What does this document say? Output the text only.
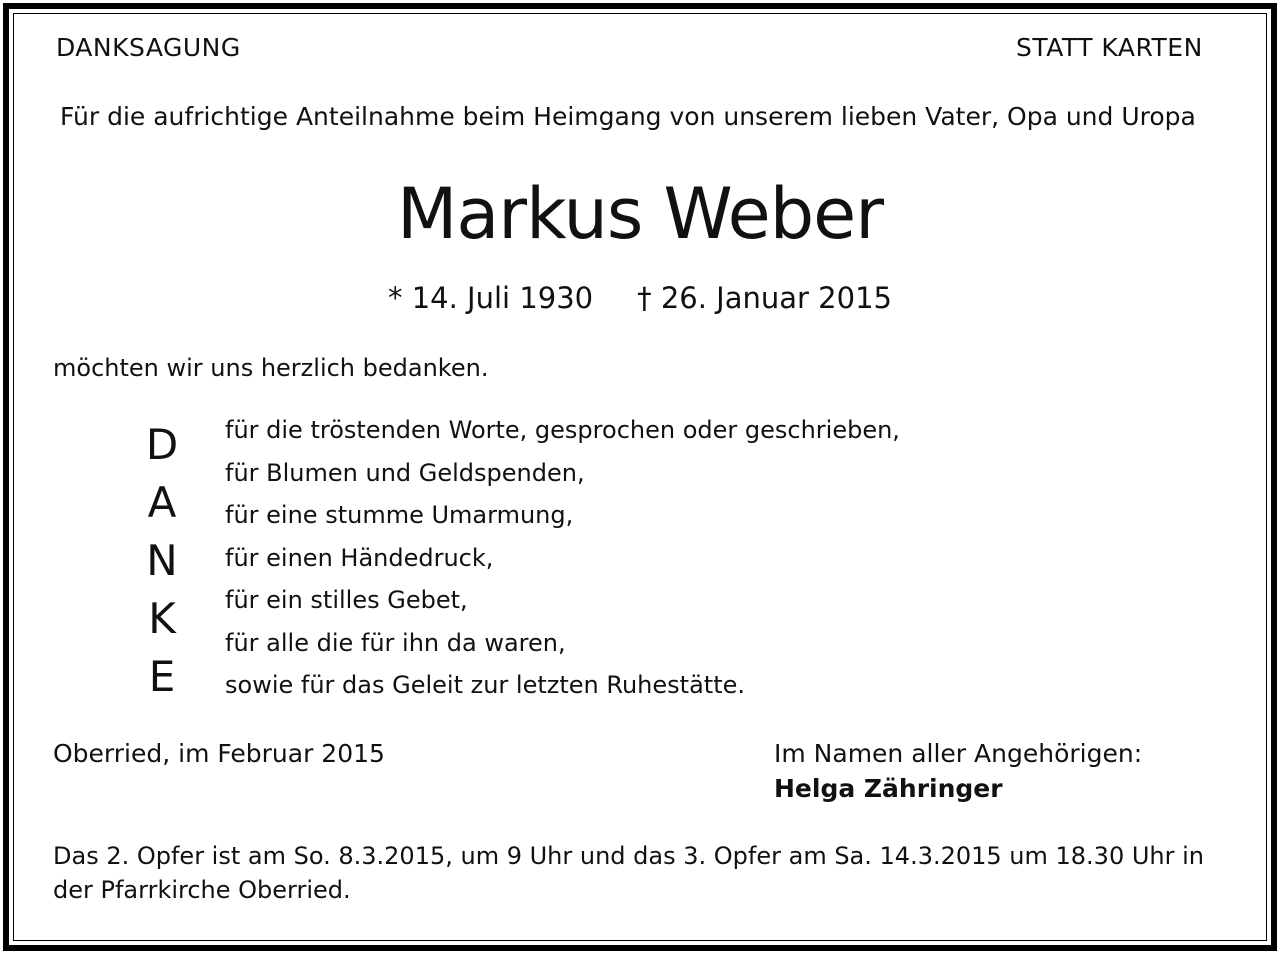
DANKSAGUNG	STATT KARTEN
Für die aufrichtige Anteilnahme beim Heimgang von unserem lieben Vater, Opa und Uropa
Markus Weber
* 14. Juli 1930 † 26. Januar 2015
möchten wir uns herzlich bedanken.
D
A
N
K
E
für die tröstenden Worte, gesprochen oder geschrieben,
für Blumen und Geldspenden,
für eine stumme Umarmung,
für einen Händedruck,
für ein stilles Gebet,
für alle die für ihn da waren,
sowie für das Geleit zur letzten Ruhestätte.
Oberried, im Februar 2015	Im Namen aller Angehörigen:
Helga Zähringer
Das 2. Opfer ist am So. 8.3.2015, um 9 Uhr und das 3. Opfer am Sa. 14.3.2015 um 18.30 Uhr in der Pfarrkirche Oberried.
